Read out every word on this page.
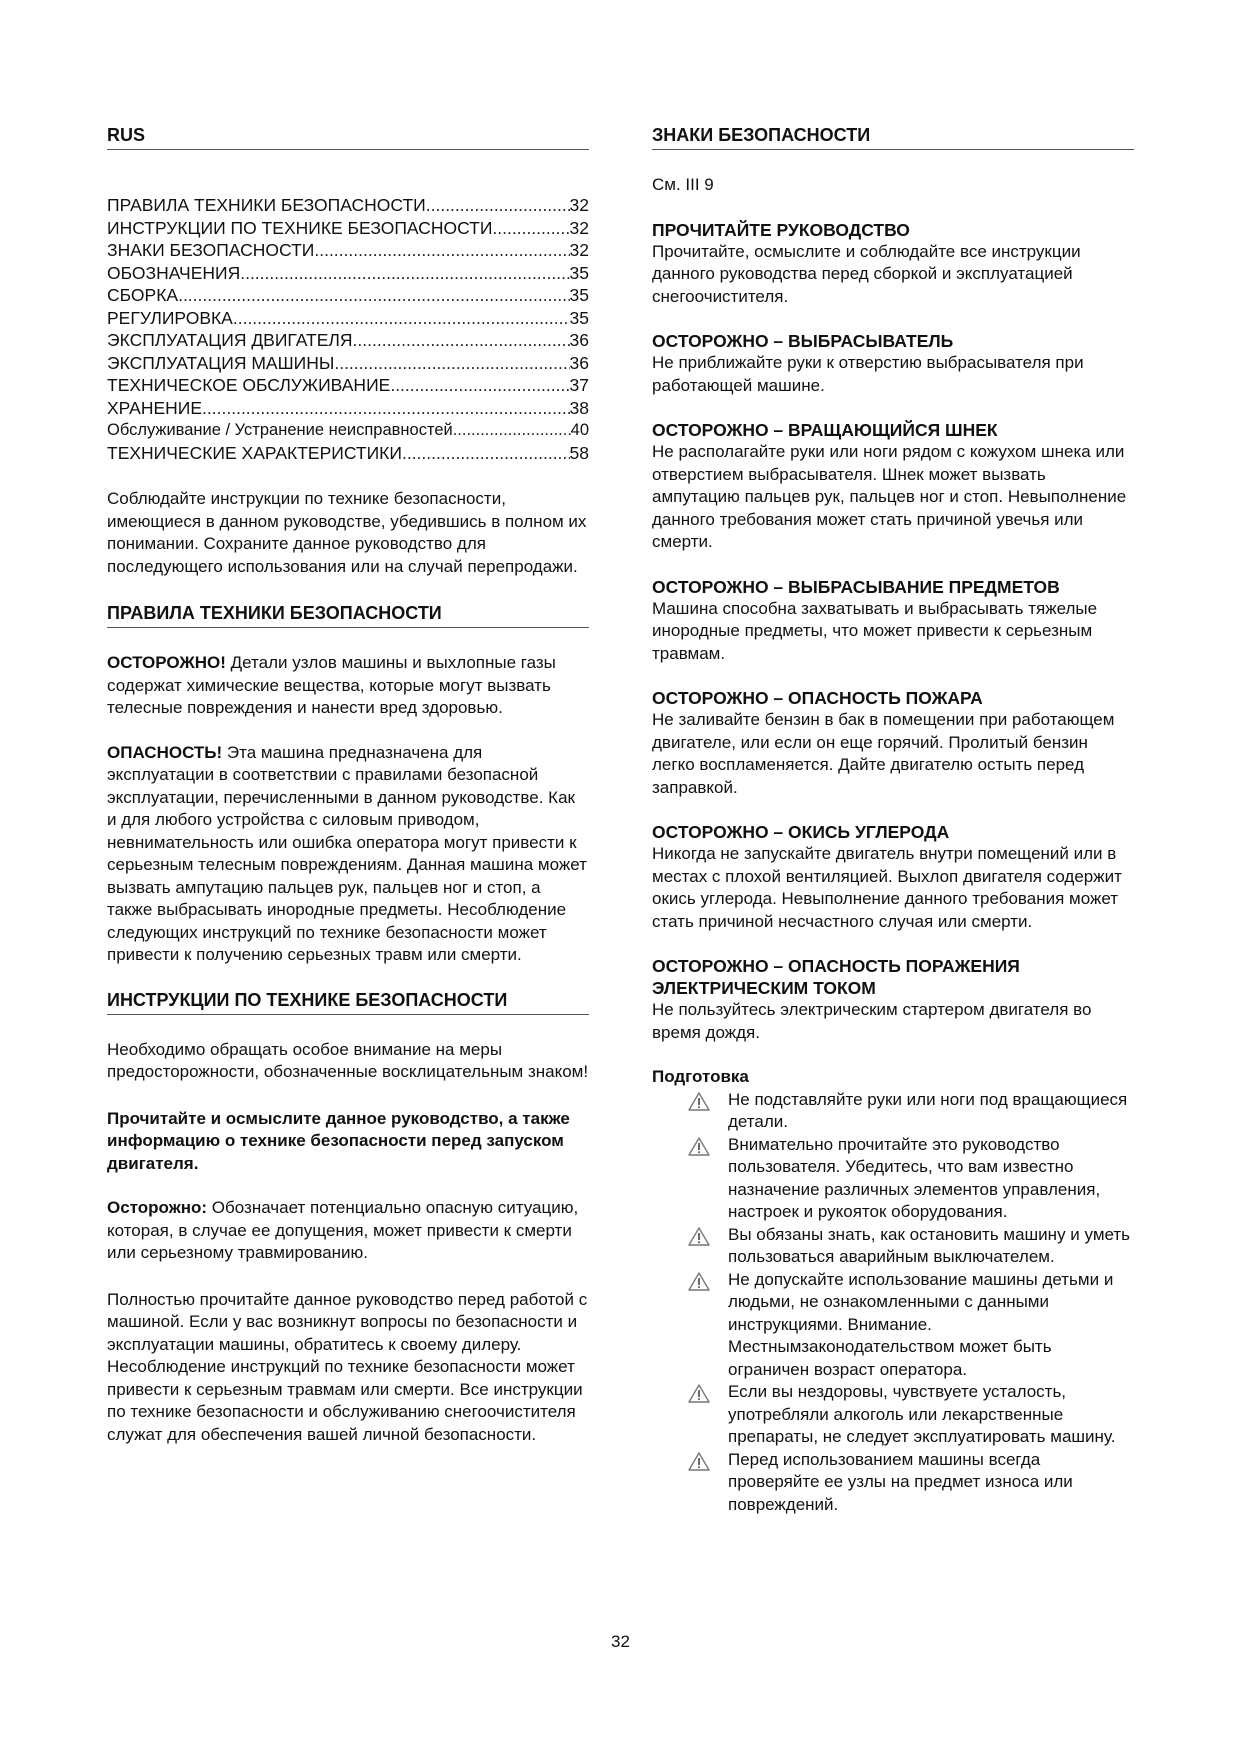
RUS
ПРАВИЛА ТЕХНИКИ БЕЗОПАСНОСТИ .....	32
ИНСТРУКЦИИ ПО ТЕХНИКЕ БЕЗОПАСНОСТИ .....	32
ЗНАКИ БЕЗОПАСНОСТИ .....	32
ОБОЗНАЧЕНИЯ .....	35
СБОРКА .....	35
РЕГУЛИРОВКА .....	35
ЭКСПЛУАТАЦИЯ ДВИГАТЕЛЯ .....	36
ЭКСПЛУАТАЦИЯ МАШИНЫ .....	36
ТЕХНИЧЕСКОЕ ОБСЛУЖИВАНИЕ .....	37
ХРАНЕНИЕ .....	38
Обслуживание / Устранение неисправностей .....	40
ТЕХНИЧЕСКИЕ ХАРАКТЕРИСТИКИ .....	58

Соблюдайте инструкции по технике безопасности, имеющиеся в данном руководстве, убедившись в полном их понимании. Сохраните данное руководство для последующего использования или на случай перепродажи.

ПРАВИЛА ТЕХНИКИ БЕЗОПАСНОСТИ

ОСТОРОЖНО! Детали узлов машины и выхлопные газы содержат химические вещества, которые могут вызвать телесные повреждения и нанести вред здоровью.

ОПАСНОСТЬ! Эта машина предназначена для эксплуатации в соответствии с правилами безопасной эксплуатации, перечисленными в данном руководстве. Как и для любого устройства с силовым приводом, невнимательность или ошибка оператора могут привести к серьезным телесным повреждениям. Данная машина может вызвать ампутацию пальцев рук, пальцев ног и стоп, а также выбрасывать инородные предметы. Несоблюдение следующих инструкций по технике безопасности может привести к получению серьезных травм или смерти.

ИНСТРУКЦИИ ПО ТЕХНИКЕ БЕЗОПАСНОСТИ

Необходимо обращать особое внимание на меры предосторожности, обозначенные восклицательным знаком!

Прочитайте и осмыслите данное руководство, а также информацию о технике безопасности перед запуском двигателя.

Осторожно: Обозначает потенциально опасную ситуацию, которая, в случае ее допущения, может привести к смерти или серьезному травмированию.

Полностью прочитайте данное руководство перед работой с машиной. Если у вас возникнут вопросы по безопасности и эксплуатации машины, обратитесь к своему дилеру. Несоблюдение инструкций по технике безопасности может привести к серьезным травмам или смерти. Все инструкции по технике безопасности и обслуживанию снегоочистителя служат для обеспечения вашей личной безопасности.

ЗНАКИ БЕЗОПАСНОСТИ

См. III 9

ПРОЧИТАЙТЕ РУКОВОДСТВО

Прочитайте, осмыслите и соблюдайте все инструкции данного руководства перед сборкой и эксплуатацией снегоочистителя.

ОСТОРОЖНО – ВЫБРАСЫВАТЕЛЬ

Не приближайте руки к отверстию выбрасывателя при работающей машине.

ОСТОРОЖНО – ВРАЩАЮЩИЙСЯ ШНЕК

Не располагайте руки или ноги рядом с кожухом шнека или отверстием выбрасывателя. Шнек может вызвать ампутацию пальцев рук, пальцев ног и стоп. Невыполнение данного требования может стать причиной увечья или смерти.

ОСТОРОЖНО – ВЫБРАСЫВАНИЕ ПРЕДМЕТОВ

Машина способна захватывать и выбрасывать тяжелые инородные предметы, что может привести к серьезным травмам.

ОСТОРОЖНО – ОПАСНОСТЬ ПОЖАРА

Не заливайте бензин в бак в помещении при работающем двигателе, или если он еще горячий. Пролитый бензин легко воспламеняется. Дайте двигателю остыть перед заправкой.

ОСТОРОЖНО – ОКИСЬ УГЛЕРОДА

Никогда не запускайте двигатель внутри помещений или в местах с плохой вентиляцией. Выхлоп двигателя содержит окись углерода. Невыполнение данного требования может стать причиной несчастного случая или смерти.

ОСТОРОЖНО – ОПАСНОСТЬ ПОРАЖЕНИЯ ЭЛЕКТРИЧЕСКИМ ТОКОМ

Не пользуйтесь электрическим стартером двигателя во время дождя.

Подготовка

Не подставляйте руки или ноги под вращающиеся детали.
Внимательно прочитайте это руководство пользователя. Убедитесь, что вам известно назначение различных элементов управления, настроек и рукояток оборудования.
Вы обязаны знать, как остановить машину и уметь пользоваться аварийным выключателем.
Не допускайте использование машины детьми и людьми, не ознакомленными с данными инструкциями. Внимание. Местнымзаконодательством может быть ограничен возраст оператора.
Если вы нездоровы, чувствуете усталость, употребляли алкоголь или лекарственные препараты, не следует эксплуатировать машину.
Перед использованием машины всегда проверяйте ее узлы на предмет износа или повреждений.
32
